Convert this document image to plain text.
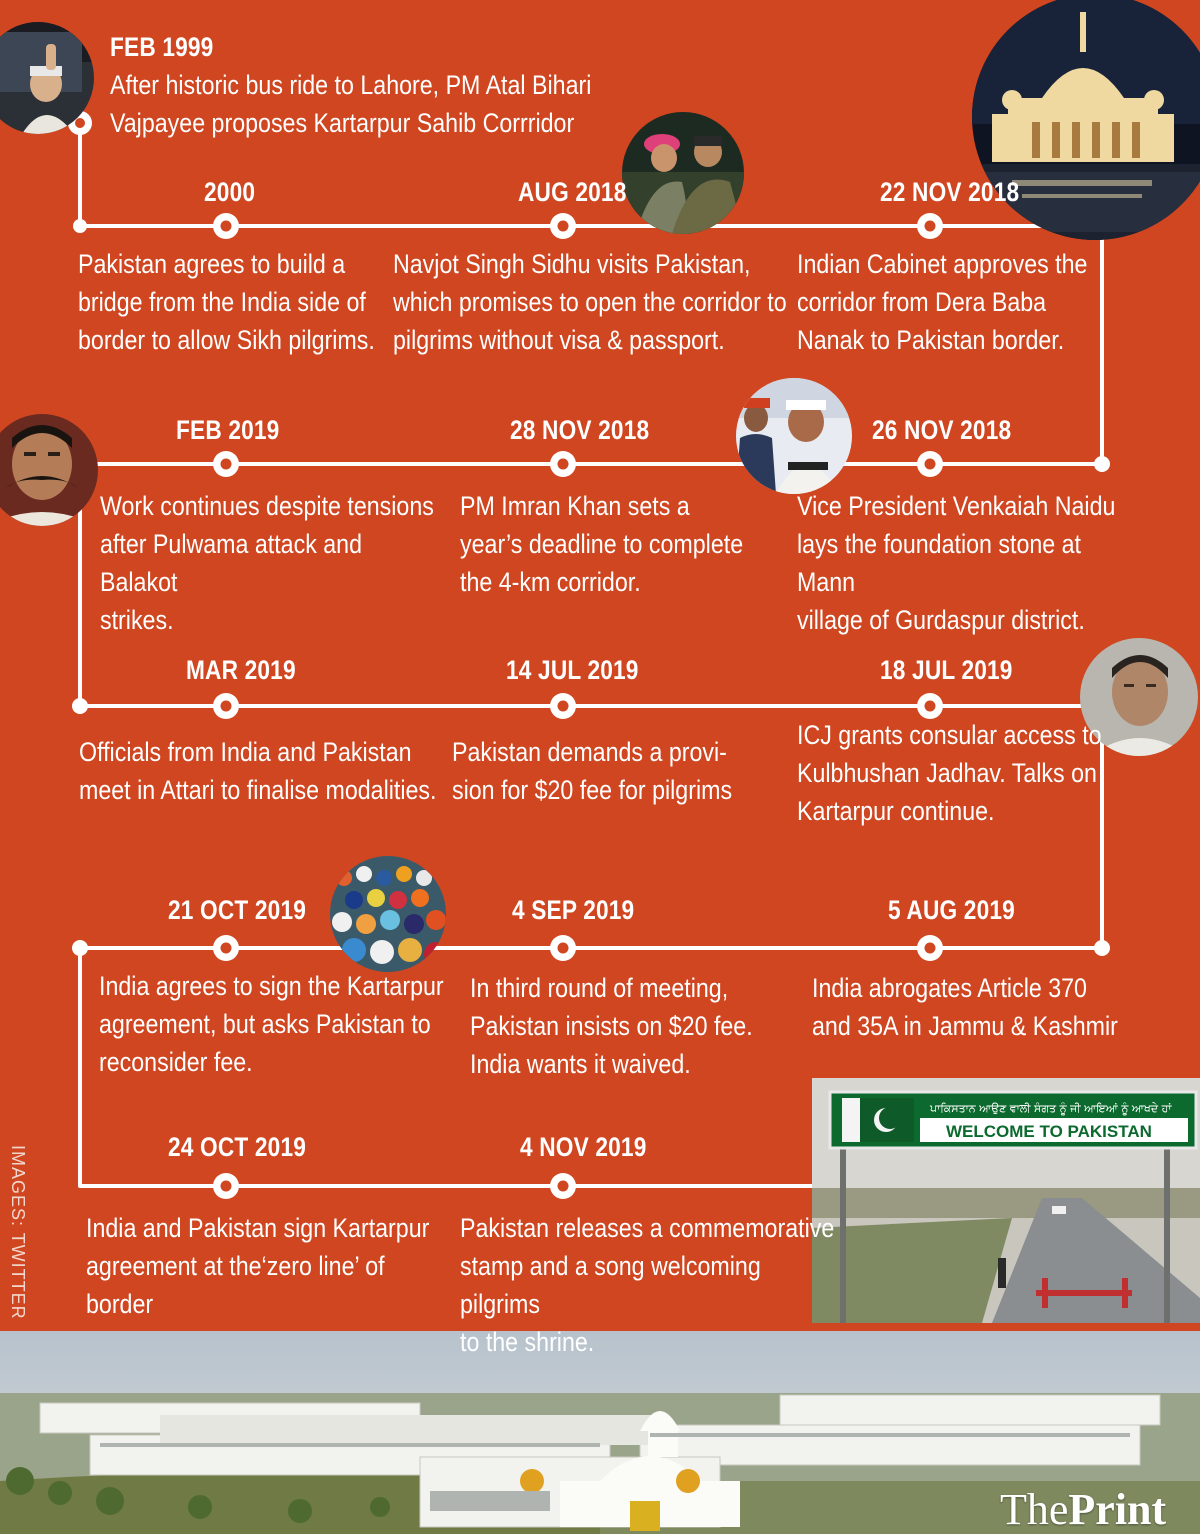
ਪਾਕਿਸਤਾਨ ਆਉਣ ਵਾਲੀ ਸੰਗਤ ਨੂੰ ਜੀ ਆਇਆਂ ਨੂੰ ਆਖਦੇ ਹਾਂ
WELCOME TO PAKISTAN
IMAGES: TWITTER
ThePrint
FEB 1999
After historic bus ride to Lahore, PM Atal Bihari
Vajpayee proposes Kartarpur Sahib Corrridor
2000
Pakistan agrees to build a
bridge from the India side of
border to allow Sikh pilgrims.
AUG 2018
Navjot Singh Sidhu visits Pakistan,
which promises to open the corridor to
pilgrims without visa & passport.
22 NOV 2018
Indian Cabinet approves the
corridor from Dera Baba
Nanak to Pakistan border.
26 NOV 2018
Vice President Venkaiah Naidu
lays the foundation stone at Mann
village of Gurdaspur district.
28 NOV 2018
PM Imran Khan sets a
year’s deadline to complete
the 4-km corridor.
FEB 2019
Work continues despite tensions
after Pulwama attack and Balakot
strikes.
MAR 2019
Officials from India and Pakistan
meet in Attari to finalise modalities.
14 JUL 2019
Pakistan demands a provi-
sion for $20 fee for pilgrims
18 JUL 2019
ICJ grants consular access to
Kulbhushan Jadhav. Talks on
Kartarpur continue.
5 AUG 2019
India abrogates Article 370
and 35A in Jammu & Kashmir
4 SEP 2019
In third round of meeting,
Pakistan insists on $20 fee.
India wants it waived.
21 OCT 2019
India agrees to sign the Kartarpur
agreement, but asks Pakistan to
reconsider fee.
24 OCT 2019
India and Pakistan sign Kartarpur
agreement at the‘zero line’ of
border
4 NOV 2019
Pakistan releases a commemorative
stamp and a song welcoming pilgrims
to the shrine.
